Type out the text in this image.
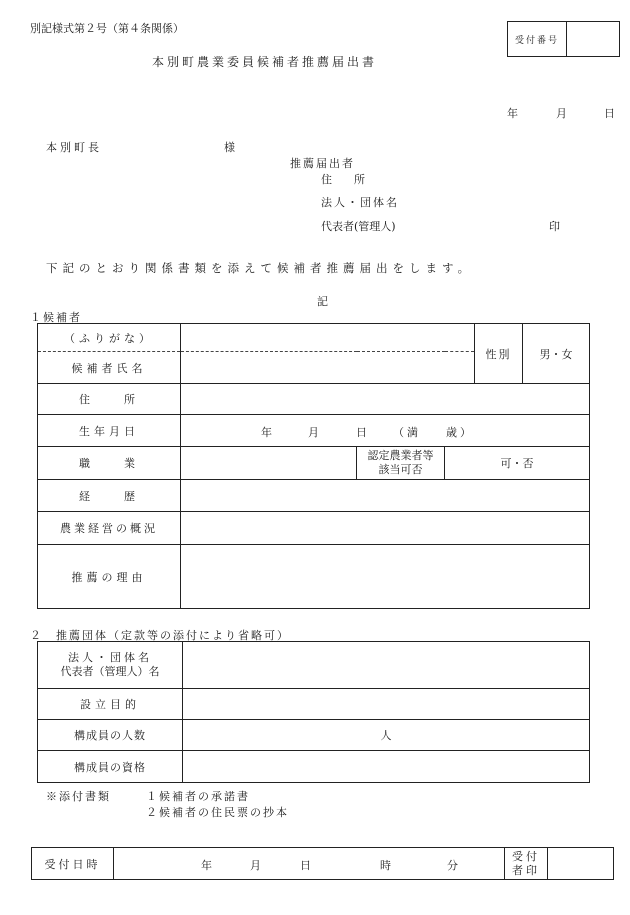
別記様式第２号（第４条関係）
受付番号	
本別町農業委員候補者推薦届出書
年	月	日
本別町長	様
推薦届出者
住　　所
法人・団体名
代表者(管理人)	印
下記のとおり関係書類を添えて候補者推薦届出をします。
記
１候補者
（ふりがな）				性別	男・女
候補者氏名					
住　　所					
生年月日	年 月 日 （満 歳）				

職　　業		認定農業者等
該当可否	可・否		
経　　歴					
農業経営の概況					
推薦の理由					
２　推薦団体（定款等の添付により省略可）
法人・団体名
代表者（管理人）名	

設立目的	
構成員の人数	人
構成員の資格	
※添付書類	１候補者の承諾書
２候補者の住民票の抄本
受付日時	年	月	日	時	分

受付
者印
